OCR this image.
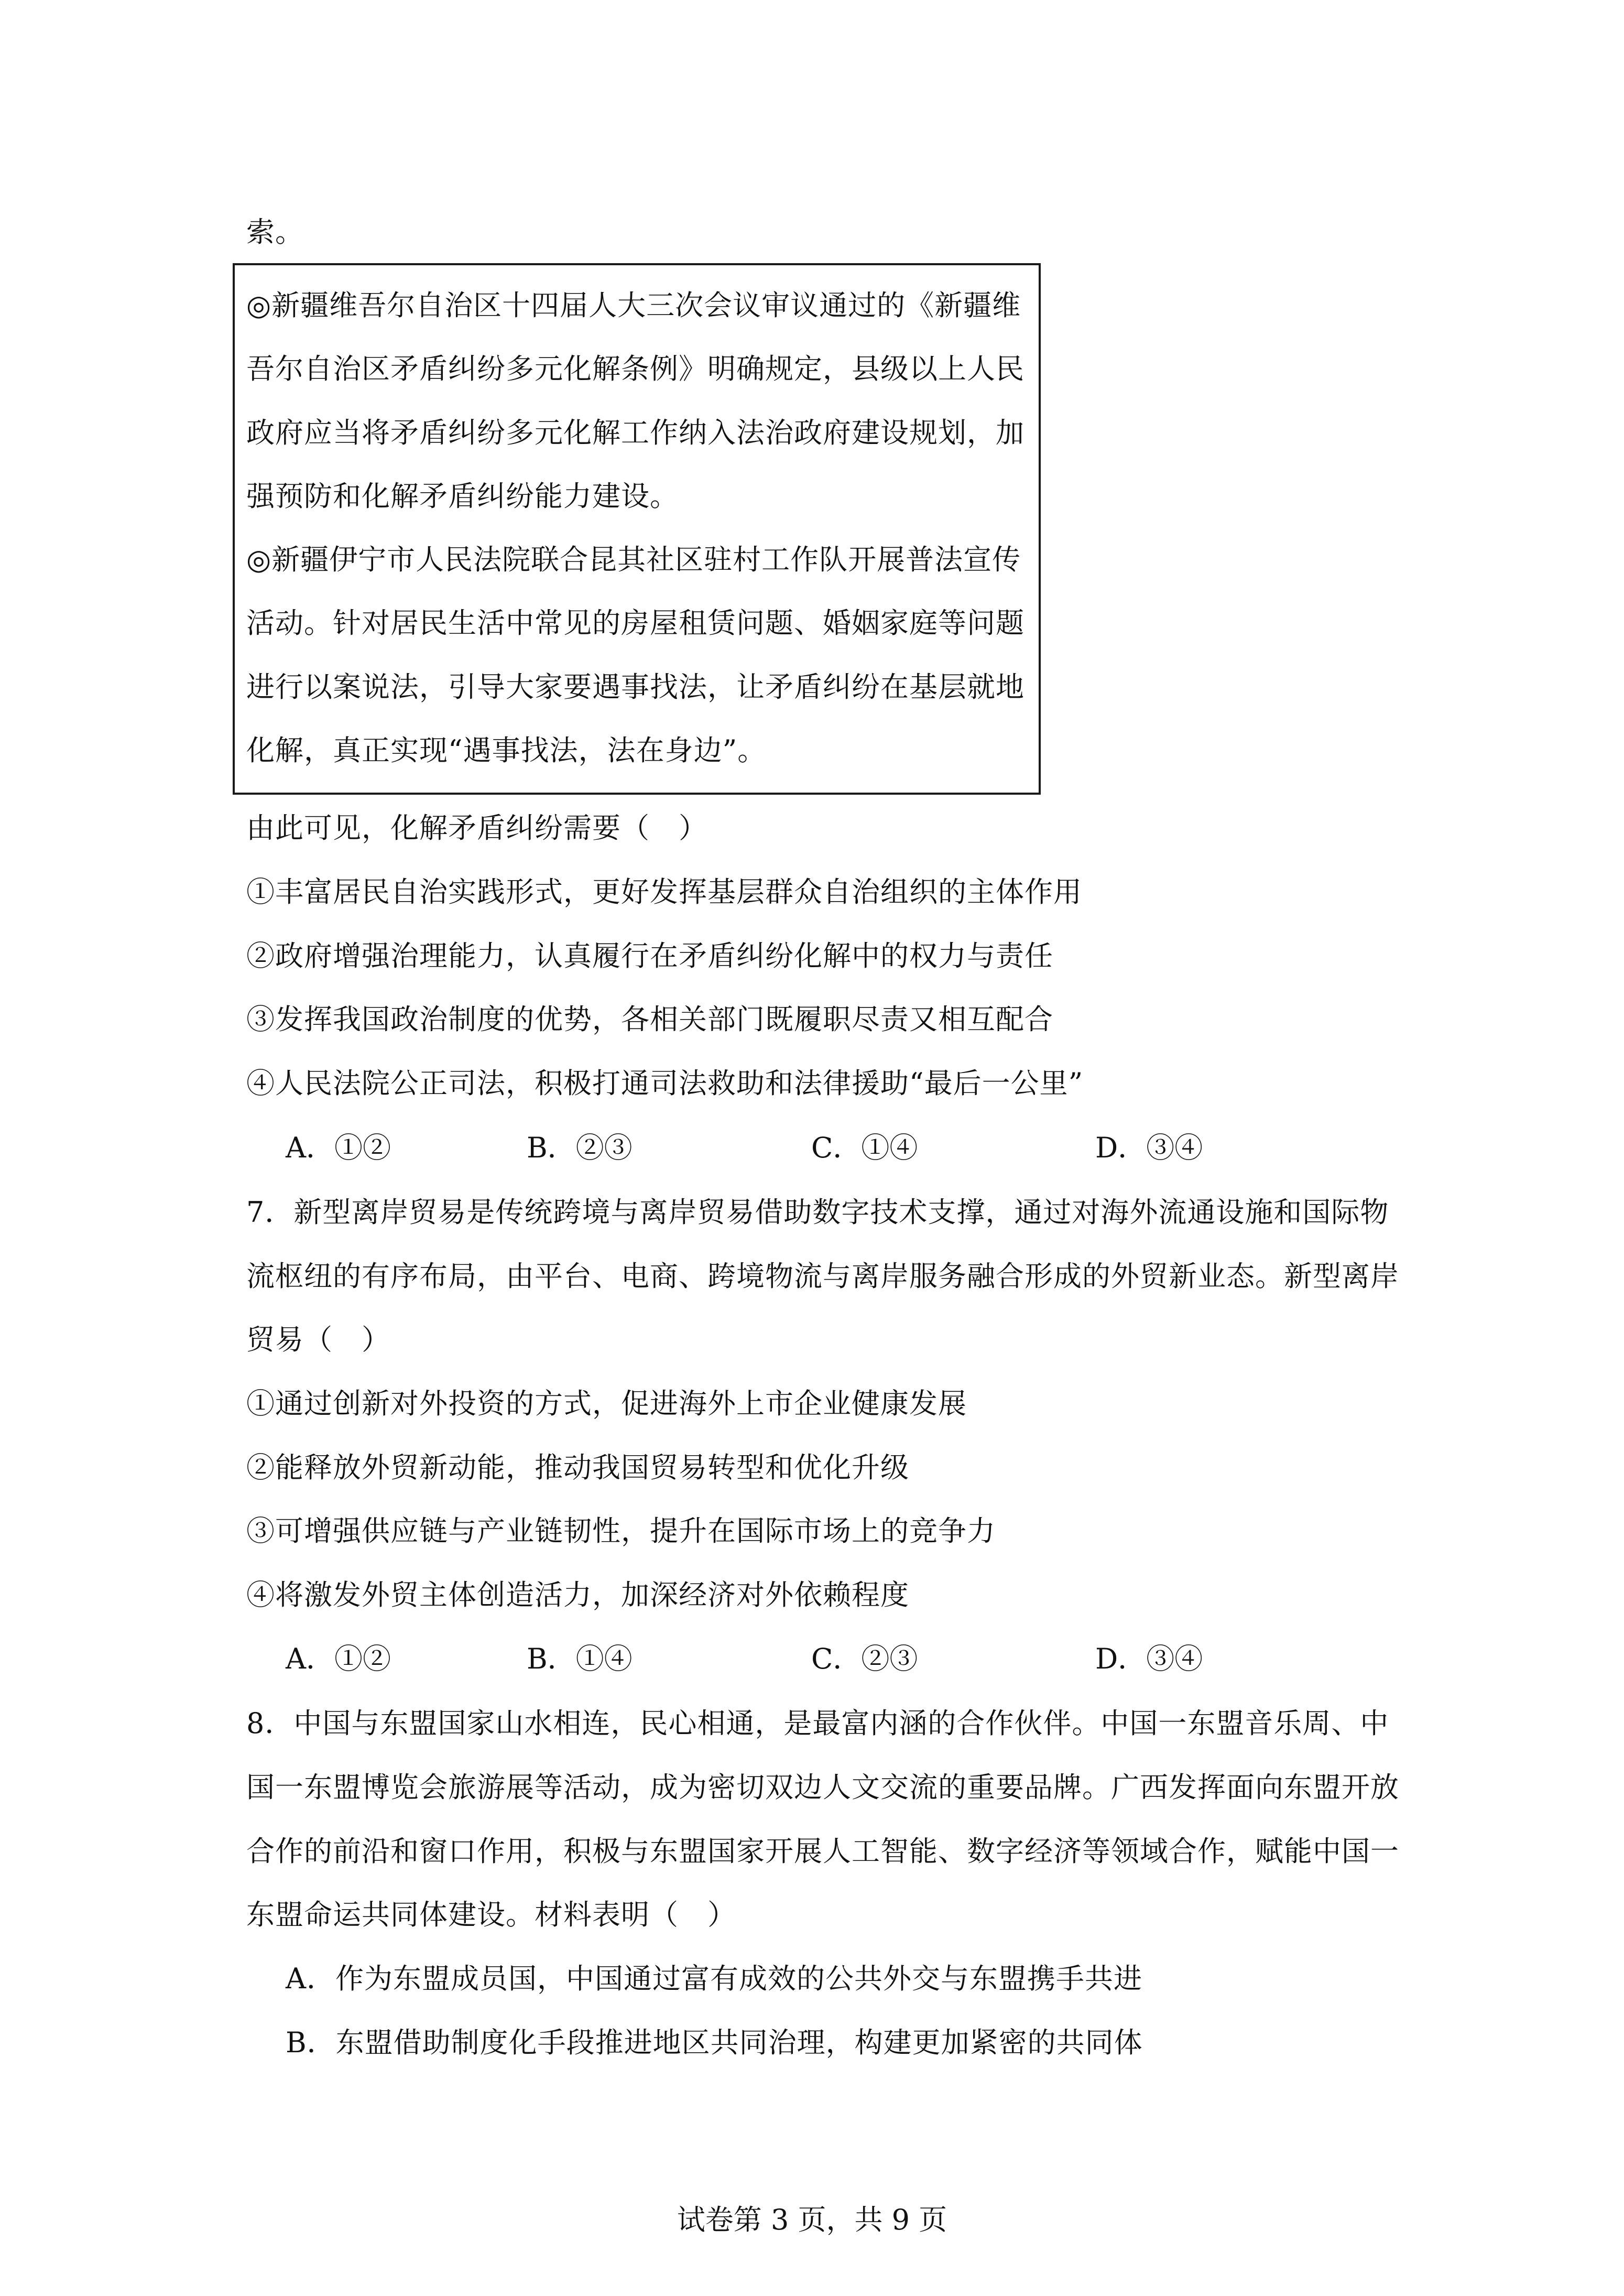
索。
◎新疆维吾尔自治区十四届人大三次会议审议通过的《新疆维
吾尔自治区矛盾纠纷多元化解条例》明确规定，县级以上人民
政府应当将矛盾纠纷多元化解工作纳入法治政府建设规划，加
强预防和化解矛盾纠纷能力建设。
◎新疆伊宁市人民法院联合昆其社区驻村工作队开展普法宣传
活动。针对居民生活中常见的房屋租赁问题、婚姻家庭等问题
进行以案说法，引导大家要遇事找法，让矛盾纠纷在基层就地
化解，真正实现“遇事找法，法在身边”。
由此可见，化解矛盾纠纷需要（　）
①丰富居民自治实践形式，更好发挥基层群众自治组织的主体作用
②政府增强治理能力，认真履行在矛盾纠纷化解中的权力与责任
③发挥我国政治制度的优势，各相关部门既履职尽责又相互配合
④人民法院公正司法，积极打通司法救助和法律援助“最后一公里”
A．①②	B．②③	C．①④	D．③④
7．新型离岸贸易是传统跨境与离岸贸易借助数字技术支撑，通过对海外流通设施和国际物
流枢纽的有序布局，由平台、电商、跨境物流与离岸服务融合形成的外贸新业态。新型离岸
贸易（　）
①通过创新对外投资的方式，促进海外上市企业健康发展
②能释放外贸新动能，推动我国贸易转型和优化升级
③可增强供应链与产业链韧性，提升在国际市场上的竞争力
④将激发外贸主体创造活力，加深经济对外依赖程度
A．①②	B．①④	C．②③	D．③④
8．中国与东盟国家山水相连，民心相通，是最富内涵的合作伙伴。中国一东盟音乐周、中
国一东盟博览会旅游展等活动，成为密切双边人文交流的重要品牌。广西发挥面向东盟开放
合作的前沿和窗口作用，积极与东盟国家开展人工智能、数字经济等领域合作，赋能中国一
东盟命运共同体建设。材料表明（　）
A．作为东盟成员国，中国通过富有成效的公共外交与东盟携手共进
B．东盟借助制度化手段推进地区共同治理，构建更加紧密的共同体
试卷第 3 页，共 9 页
